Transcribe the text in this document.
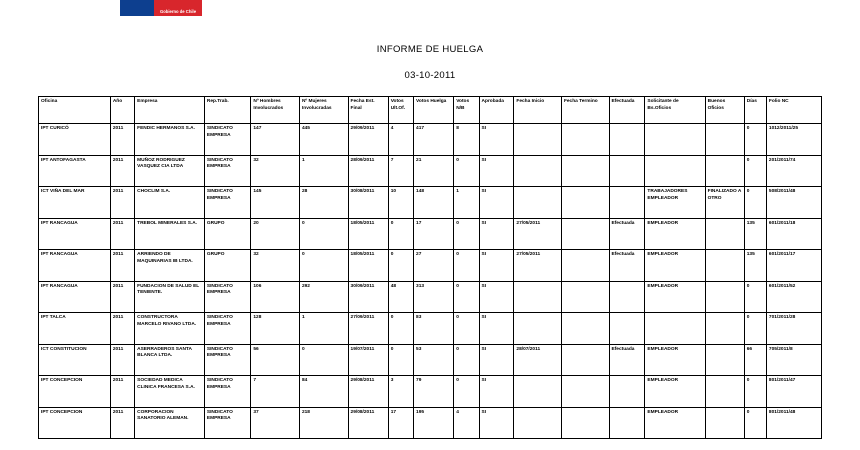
Gobierno de Chile
INFORME DE HUELGA
03-10-2011
Oficina	Año	Empresa	Rep.Trab.	Nº Hombres Involucrados	Nº Mujeres Involucradas	Fecha Est. Final	Votos Ult.Of.	Votos Huelga	Votos N/B	Aprobada	Fecha Inicio	Fecha Termino	Efectuada	Solicitante de Bs.Oficios	Buenos Oficios	Días	Folio NC
IPT CURICÓ	2011	FENDIC HERMANOS S.A.	SINDICATO EMPRESA	147	445	29/09/2011	4	417	8	SI						0	1012/2011/25
IPT ANTOFAGASTA	2011	MUÑOZ RODRIGUEZ VASQUEZ CIA LTDA	SINDICATO EMPRESA	32	1	28/09/2011	7	21	0	SI						0	201/2011/74
ICT VIÑA DEL MAR	2011	CHOCLIM S.A.	SINDICATO EMPRESA	145	28	30/08/2011	10	148	1	SI				TRABAJADORES EMPLEADOR	FINALIZADO A OTRO	0	508/2011/48
IPT RANCAGUA	2011	TREBOL MINERALES S.A.	GRUPO	20	0	18/05/2011	0	17	0	SI	27/05/2011		Efectuada	EMPLEADOR		135	601/2011/18
IPT RANCAGUA	2011	ARRIENDO DE MAQUINARIAS IB LTDA.	GRUPO	32	0	18/05/2011	0	27	0	SI	27/05/2011		Efectuada	EMPLEADOR		135	601/2011/17
IPT RANCAGUA	2011	FUNDACION DE SALUD EL TENIENTE.	SINDICATO EMPRESA	106	292	30/09/2011	48	313	0	SI				EMPLEADOR		0	601/2011/52
IPT TALCA	2011	CONSTRUCTORA MARCELO RIVANO LTDA.	SINDICATO EMPRESA	128	1	27/09/2011	0	83	0	SI						0	701/2011/28
ICT CONSTITUCION	2011	ASERRADEROS SANTA BLANCA LTDA.	SINDICATO EMPRESA	56	0	19/07/2011	0	53	0	SI	28/07/2011		Efectuada	EMPLEADOR		66	705/2011/8
IPT CONCEPCION	2011	SOCIEDAD MEDICA CLINICA FRANCESA S.A.	SINDICATO EMPRESA	7	84	29/08/2011	3	79	0	SI				EMPLEADOR		0	801/2011/47
IPT CONCEPCION	2011	CORPORACION SANATORIO ALEMAN.	SINDICATO EMPRESA	37	218	29/08/2011	17	195	4	SI				EMPLEADOR		0	801/2011/48
